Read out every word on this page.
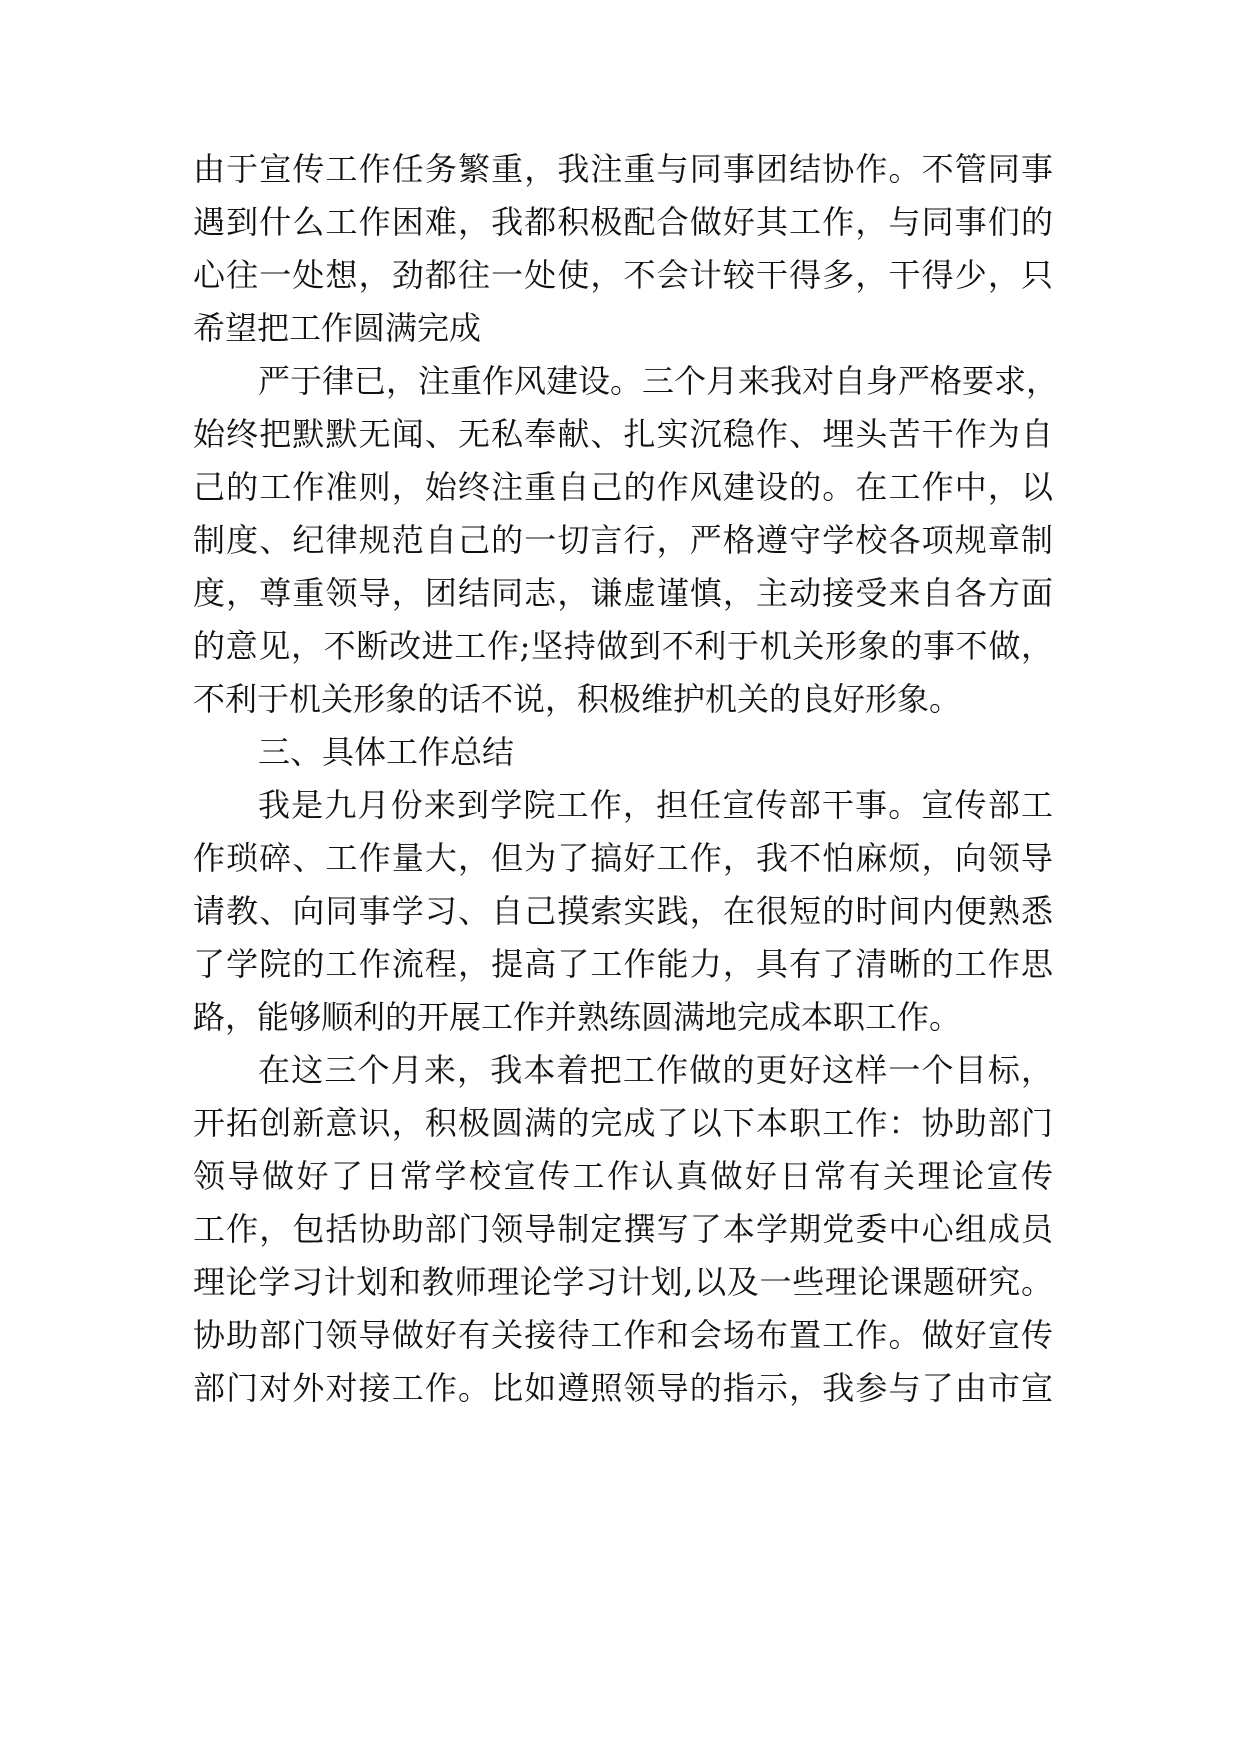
由于宣传工作任务繁重，我注重与同事团结协作。不管同事
遇到什么工作困难，我都积极配合做好其工作，与同事们的
心往一处想，劲都往一处使，不会计较干得多，干得少，只
希望把工作圆满完成
严于律已，注重作风建设。三个月来我对自身严格要求，
始终把默默无闻、无私奉献、扎实沉稳作、埋头苦干作为自
己的工作准则，始终注重自己的作风建设的。在工作中，以
制度、纪律规范自己的一切言行，严格遵守学校各项规章制
度，尊重领导，团结同志，谦虚谨慎，主动接受来自各方面
的意见，不断改进工作;坚持做到不利于机关形象的事不做，
不利于机关形象的话不说，积极维护机关的良好形象。
三、具体工作总结
我是九月份来到学院工作，担任宣传部干事。宣传部工
作琐碎、工作量大，但为了搞好工作，我不怕麻烦，向领导
请教、向同事学习、自己摸索实践，在很短的时间内便熟悉
了学院的工作流程，提高了工作能力，具有了清晰的工作思
路，能够顺利的开展工作并熟练圆满地完成本职工作。
在这三个月来，我本着把工作做的更好这样一个目标，
开拓创新意识，积极圆满的完成了以下本职工作：协助部门
领导做好了日常学校宣传工作认真做好日常有关理论宣传
工作，包括协助部门领导制定撰写了本学期党委中心组成员
理论学习计划和教师理论学习计划,以及一些理论课题研究。
协助部门领导做好有关接待工作和会场布置工作。做好宣传
部门对外对接工作。比如遵照领导的指示，我参与了由市宣
